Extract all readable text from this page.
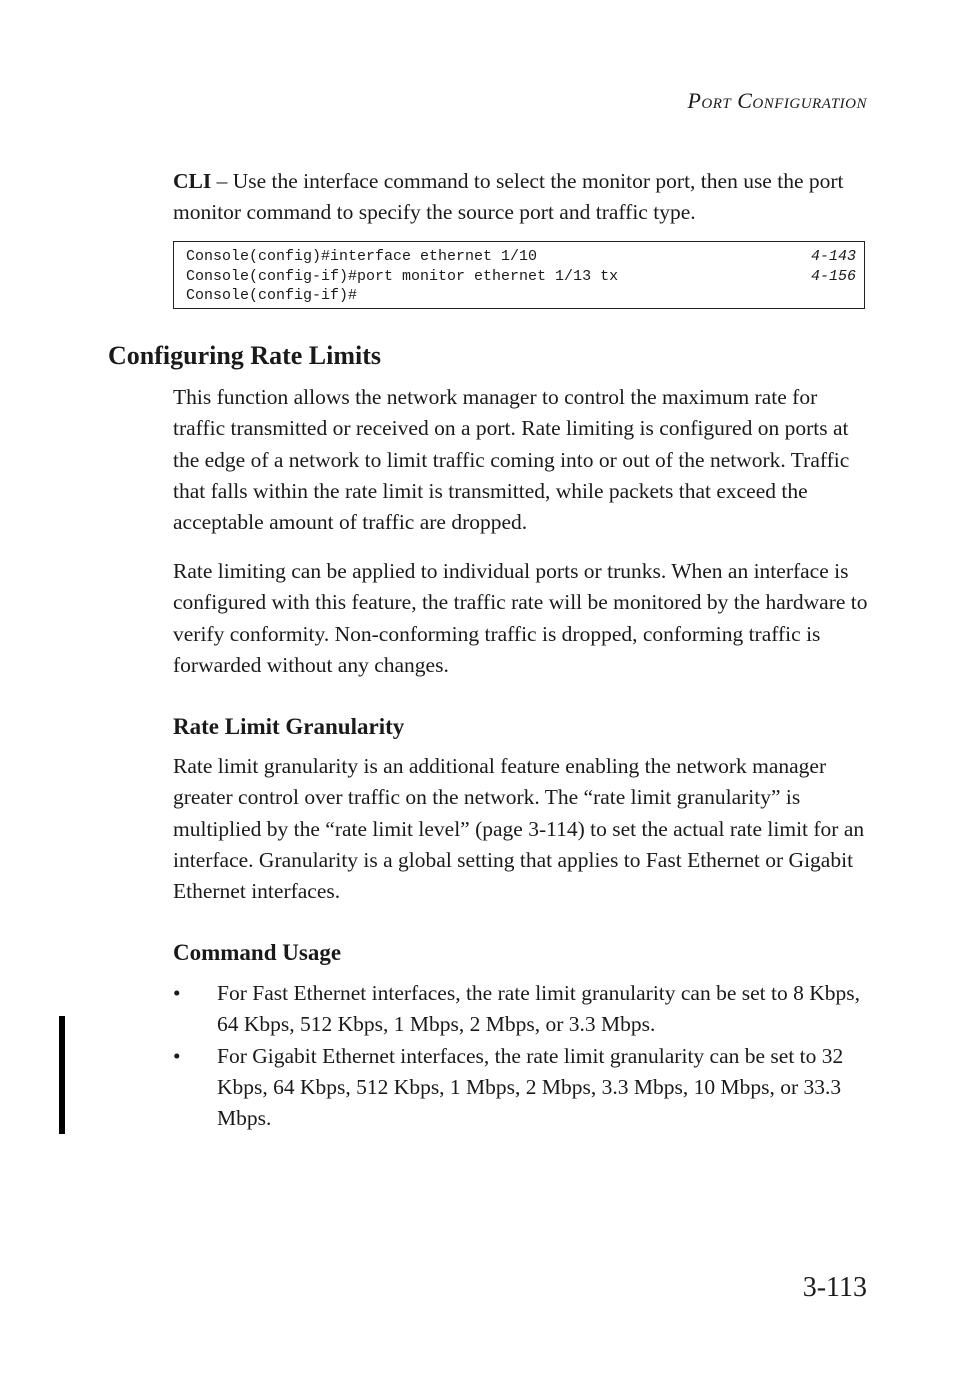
Port Configuration

CLI – Use the interface command to select the monitor port, then use the port monitor command to specify the source port and traffic type.

Console(config)#interface ethernet 1/10	4-143
Console(config-if)#port monitor ethernet 1/13 tx	4-156
Console(config-if)#
Configuring Rate Limits

This function allows the network manager to control the maximum rate for traffic transmitted or received on a port. Rate limiting is configured on ports at the edge of a network to limit traffic coming into or out of the network. Traffic that falls within the rate limit is transmitted, while packets that exceed the acceptable amount of traffic are dropped.

Rate limiting can be applied to individual ports or trunks. When an interface is configured with this feature, the traffic rate will be monitored by the hardware to verify conformity. Non-conforming traffic is dropped, conforming traffic is forwarded without any changes.

Rate Limit Granularity

Rate limit granularity is an additional feature enabling the network manager greater control over traffic on the network. The “rate limit granularity” is multiplied by the “rate limit level” (page 3-114) to set the actual rate limit for an interface. Granularity is a global setting that applies to Fast Ethernet or Gigabit Ethernet interfaces.

Command Usage
• For Fast Ethernet interfaces, the rate limit granularity can be set to 8 Kbps, 64 Kbps, 512 Kbps, 1 Mbps, 2 Mbps, or 3.3 Mbps.
• For Gigabit Ethernet interfaces, the rate limit granularity can be set to 32 Kbps, 64 Kbps, 512 Kbps, 1 Mbps, 2 Mbps, 3.3 Mbps, 10 Mbps, or 33.3 Mbps.
3-113
